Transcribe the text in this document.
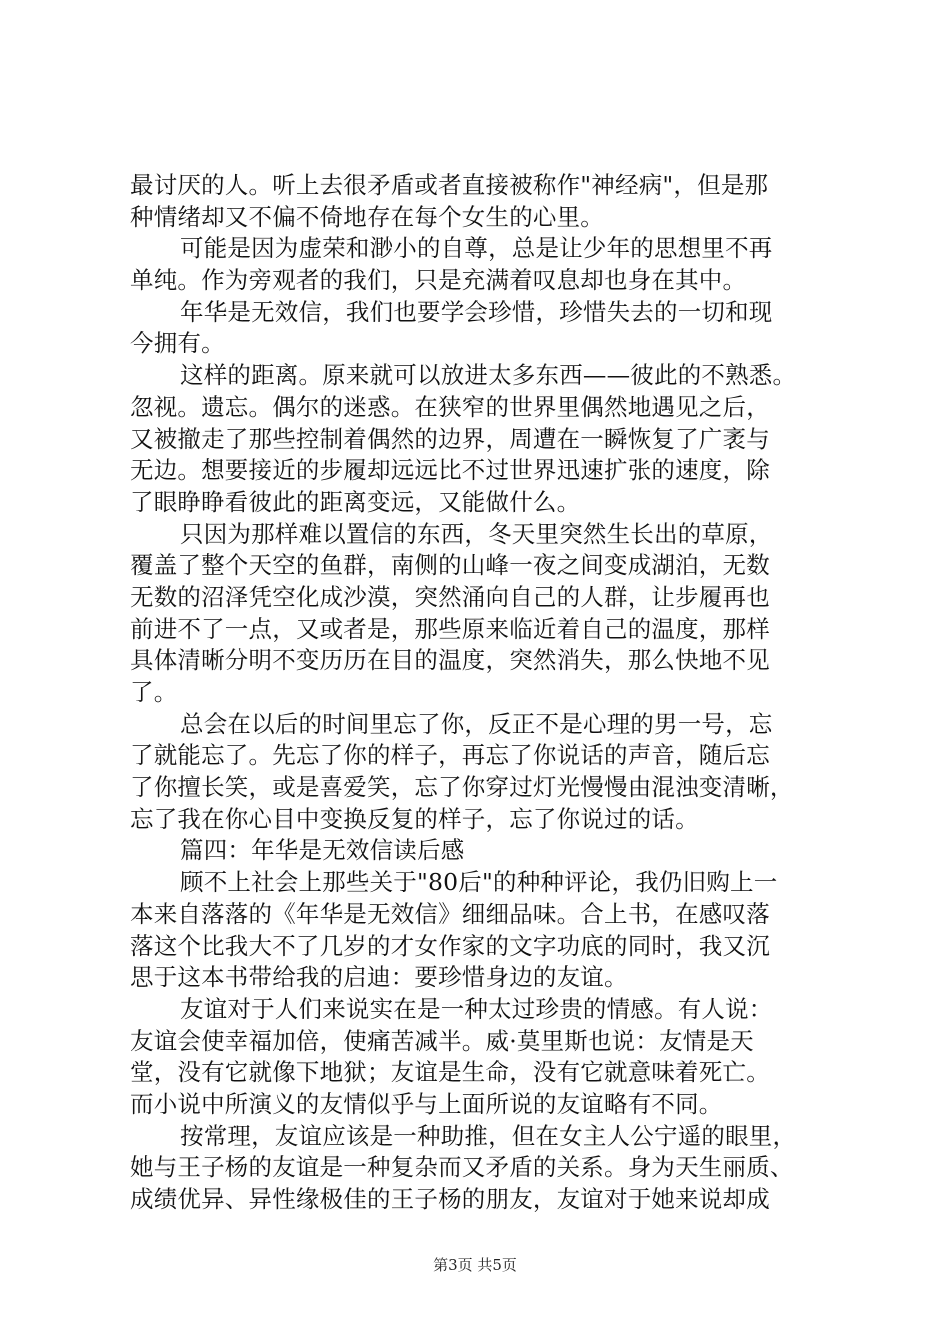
最讨厌的人。听上去很矛盾或者直接被称作"神经病"，但是那
种情绪却又不偏不倚地存在每个女生的心里。
可能是因为虚荣和渺小的自尊，总是让少年的思想里不再
单纯。作为旁观者的我们，只是充满着叹息却也身在其中。
年华是无效信，我们也要学会珍惜，珍惜失去的一切和现
今拥有。
这样的距离。原来就可以放进太多东西——彼此的不熟悉。
忽视。遗忘。偶尔的迷惑。在狭窄的世界里偶然地遇见之后，
又被撤走了那些控制着偶然的边界，周遭在一瞬恢复了广袤与
无边。想要接近的步履却远远比不过世界迅速扩张的速度，除
了眼睁睁看彼此的距离变远，又能做什么。
只因为那样难以置信的东西，冬天里突然生长出的草原，
覆盖了整个天空的鱼群，南侧的山峰一夜之间变成湖泊，无数
无数的沼泽凭空化成沙漠，突然涌向自己的人群，让步履再也
前进不了一点，又或者是，那些原来临近着自己的温度，那样
具体清晰分明不变历历在目的温度，突然消失，那么快地不见
了。
总会在以后的时间里忘了你，反正不是心理的男一号，忘
了就能忘了。先忘了你的样子，再忘了你说话的声音，随后忘
了你擅长笑，或是喜爱笑，忘了你穿过灯光慢慢由混浊变清晰，
忘了我在你心目中变换反复的样子，忘了你说过的话。
篇四：年华是无效信读后感
顾不上社会上那些关于"80后"的种种评论，我仍旧购上一
本来自落落的《年华是无效信》细细品味。合上书，在感叹落
落这个比我大不了几岁的才女作家的文字功底的同时，我又沉
思于这本书带给我的启迪：要珍惜身边的友谊。
友谊对于人们来说实在是一种太过珍贵的情感。有人说：
友谊会使幸福加倍，使痛苦减半。威·莫里斯也说：友情是天
堂，没有它就像下地狱；友谊是生命，没有它就意味着死亡。
而小说中所演义的友情似乎与上面所说的友谊略有不同。
按常理，友谊应该是一种助推，但在女主人公宁遥的眼里，
她与王子杨的友谊是一种复杂而又矛盾的关系。身为天生丽质、
成绩优异、异性缘极佳的王子杨的朋友，友谊对于她来说却成
第3页 共5页
